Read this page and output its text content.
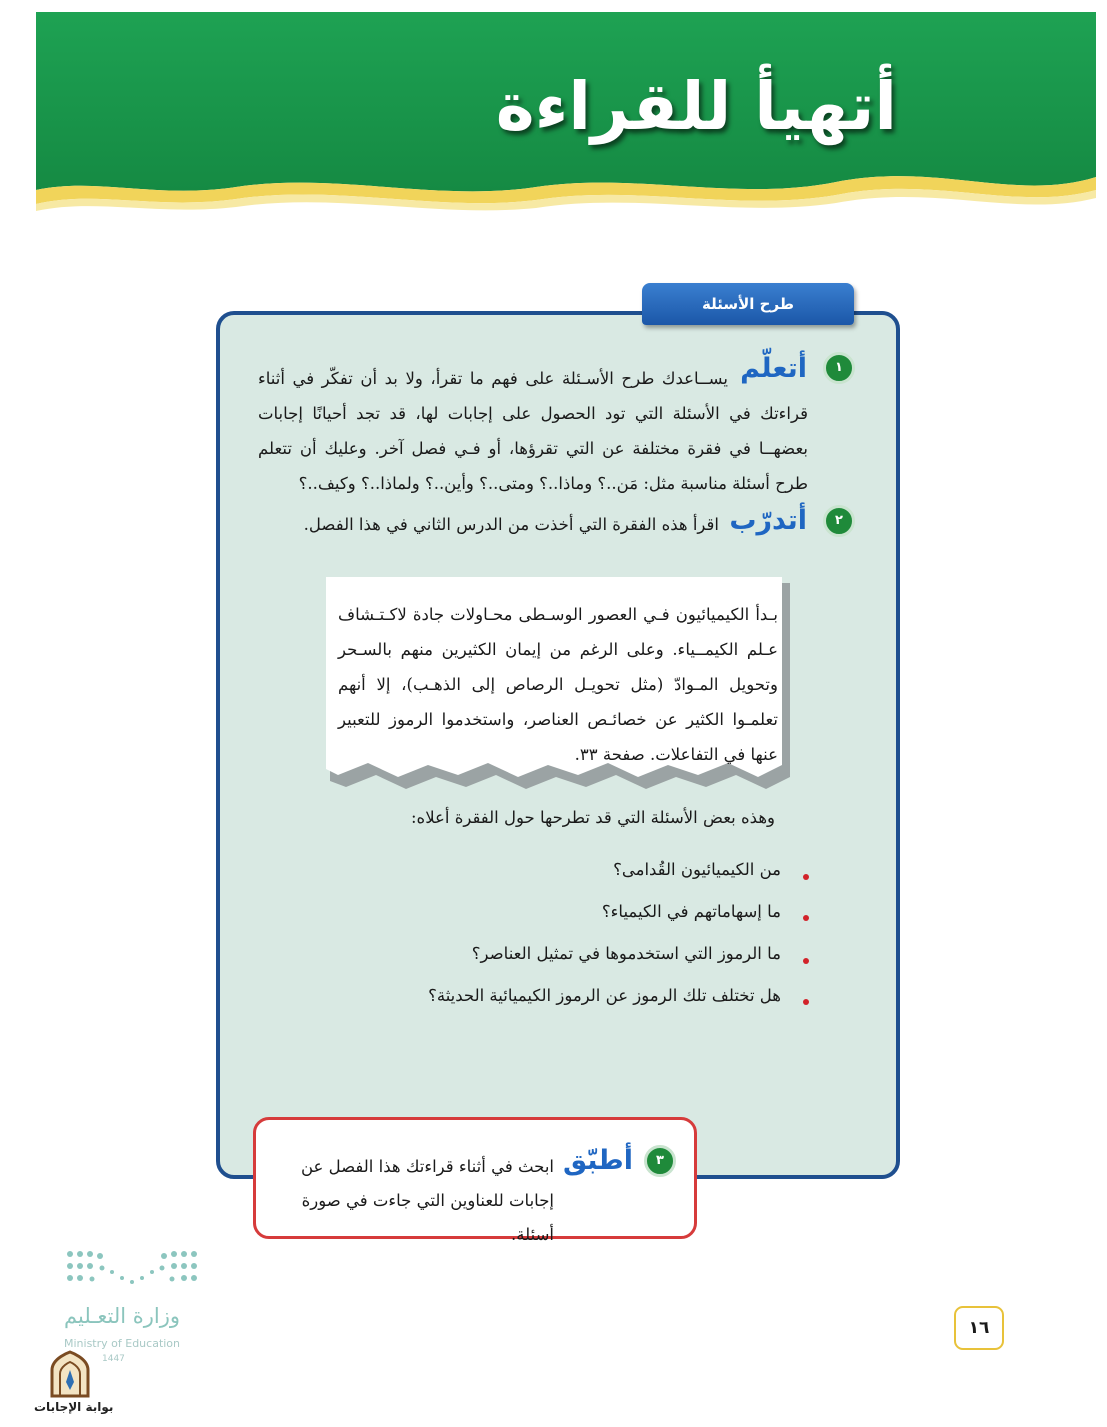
أتهيأ للقراءة
طرح الأسئلة
١
أتعلّم
يســاعدك طرح الأسـئلة على فهم ما تقرأ، ولا بد أن تفكّر في أثناء قراءتك في الأسئلة التي تود الحصول على إجابات لها، قد تجد أحيانًا إجابات بعضهــا في فقرة مختلفة عن التي تقرؤها، أو فـي فصل آخر. وعليك أن تتعلم طرح أسئلة مناسبة مثل: مَن..؟ وماذا..؟ ومتى..؟ وأين..؟ ولماذا..؟ وكيف..؟
٢
أتدرّب
اقرأ هذه الفقرة التي أخذت من الدرس الثاني في هذا الفصل.
بـدأ الكيميائيون فـي العصور الوسـطى محـاولات جادة لاكـتـشاف عـلم الكيمــياء. وعلى الرغم من إيمان الكثيرين منهم بالسـحر وتحويل المـوادّ (مثل تحويـل الرصاص إلى الذهـب)، إلا أنهم تعلمـوا الكثير عن خصائـص العناصر، واستخدموا الرموز للتعبير عنها في التفاعلات. صفحة ٣٣.
وهذه بعض الأسئلة التي قد تطرحها حول الفقرة أعلاه:
من الكيميائيون القُدامى؟
ما إسهاماتهم في الكيمياء؟
ما الرموز التي استخدموها في تمثيل العناصر؟
هل تختلف تلك الرموز عن الرموز الكيميائية الحديثة؟
٣
أطبّق
ابحث في أثناء قراءتك هذا الفصل عن إجابات للعناوين التي جاءت في صورة أسئلة.
١٦
وزارة التعـليم
Ministry of Education
1447
بوابة الإجابات
